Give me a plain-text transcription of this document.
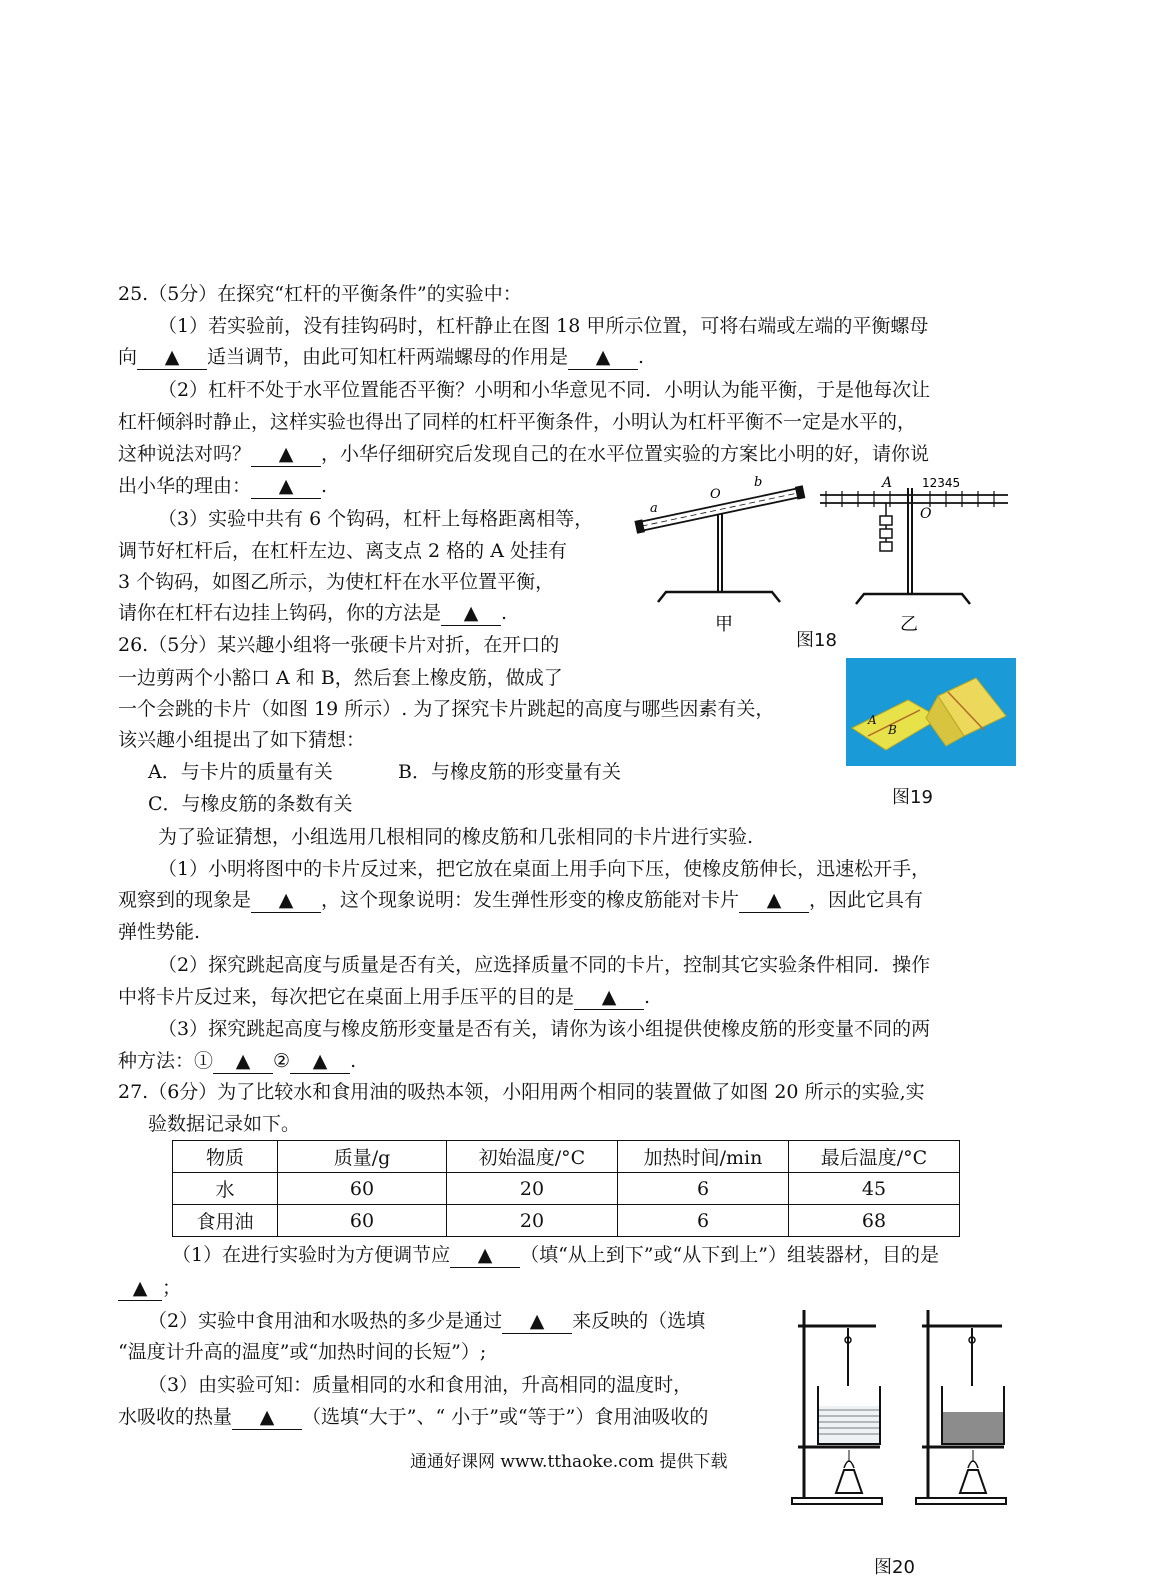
25.（5分）在探究“杠杆的平衡条件”的实验中：
（1）若实验前，没有挂钩码时，杠杆静止在图 18 甲所示位置，可将右端或左端的平衡螺母
向 ▲ 适当调节，由此可知杠杆两端螺母的作用是 ▲ .
（2）杠杆不处于水平位置能否平衡？小明和小华意见不同．小明认为能平衡，于是他每次让
杠杆倾斜时静止，这样实验也得出了同样的杠杆平衡条件，小明认为杠杆平衡不一定是水平的，
这种说法对吗？ ▲ ，小华仔细研究后发现自己的在水平位置实验的方案比小明的好，请你说
出小华的理由： ▲ .
（3）实验中共有 6 个钩码，杠杆上每格距离相等，
调节好杠杆后，在杠杆左边、离支点 2 格的 A 处挂有
3 个钩码，如图乙所示，为使杠杆在水平位置平衡，
请你在杠杆右边挂上钩码，你的方法是 ▲ .
a
O
b
甲
A 12345
O
乙
图18
26.（5分）某兴趣小组将一张硬卡片对折，在开口的
一边剪两个小豁口 A 和 B，然后套上橡皮筋，做成了
一个会跳的卡片（如图 19 所示）. 为了探究卡片跳起的高度与哪些因素有关，
该兴趣小组提出了如下猜想：
A．与卡片的质量有关	B．与橡皮筋的形变量有关
C．与橡皮筋的条数有关
为了验证猜想，小组选用几根相同的橡皮筋和几张相同的卡片进行实验.
（1）小明将图中的卡片反过来，把它放在桌面上用手向下压，使橡皮筋伸长，迅速松开手，
观察到的现象是 ▲ ，这个现象说明：发生弹性形变的橡皮筋能对卡片 ▲ ，因此它具有
弹性势能.
（2）探究跳起高度与质量是否有关，应选择质量不同的卡片，控制其它实验条件相同．操作
中将卡片反过来，每次把它在桌面上用手压平的目的是 ▲ .
（3）探究跳起高度与橡皮筋形变量是否有关，请你为该小组提供使橡皮筋的形变量不同的两
种方法：① ▲ ② ▲ .
A
B
图19
27.（6分）为了比较水和食用油的吸热本领，小阳用两个相同的装置做了如图 20 所示的实验,实
验数据记录如下。
物质	质量/g	初始温度/°C	加热时间/min	最后温度/°C
水	60	20	6	45
食用油	60	20	6	68
（1）在进行实验时为方便调节应 ▲ （填“从上到下”或“从下到上”）组装器材，目的是
▲ ；
（2）实验中食用油和水吸热的多少是通过 ▲ 来反映的（选填
“温度计升高的温度”或“加热时间的长短”）;
（3）由实验可知：质量相同的水和食用油，升高相同的温度时，
水吸收的热量 ▲ （选填“大于”、“ 小于”或“等于”）食用油吸收的
图20
通通好课网 www.tthaoke.com 提供下载
